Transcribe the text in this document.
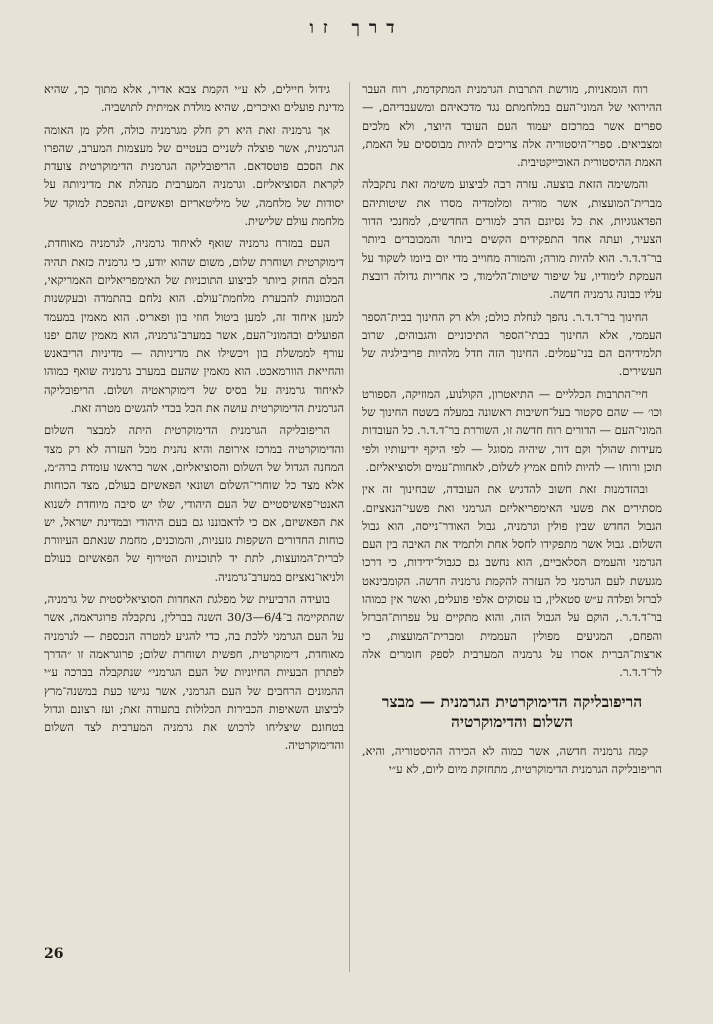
דרך זו

רוח הומאניות, מורשת התרבות הגרמנית המתקדמת, רוח העבר ההירואי של המוני־העם במלחמתם נגד מדכאיהם ומשעבדיהם, — ספרים אשר במרכזם יעמוד העם העובד היוצר, ולא מלכים ומצביאים. ספרי־היסטוריה אלה צריכים להיות מבוססים על האמת, האמת ההיסטורית האובייקטיבית.

והמשימה הזאת בוצעה. עזרה רבה לביצוע משימה זאת נתקבלה מברית־המועצות, אשר מוריה ומלומדיה מסרו את שיטותיהם הפדאגוגיות, את כל נסיונם הרב למורים החדשים, למחנכי הדור הצעיר, ועתה אחד התפקידים הקשים ביותר והמכובדים ביותר בר־ד.ד.ר. הוא להיות מורה; והמורה מחוייב מדי יום ביומו לשקוד על העמקת לימודיו, על שיפור שיטות־הלימוד, כי אחריות גדולה רובצת עליו כבונה גרמניה חדשה.

החינוך בר־ד.ד.ר. נהפך לנחלת כולם; ולא רק החינוך בבית־הספר העממי, אלא החינוך בבתי־הספר התיכוניים והגבוהים, שרוב תלמידיהם הם בני־עמלים. החינוך הזה חדל מלהיות פריבילגיה של העשירים.

חיי־התרבות הכלליים — התיאטרון, הקולנוע, המוזיקה, הספורט וכו׳ — שהם סקטור בעל־חשיבות ראשונה במעלה בשטח החינוך של המוני־העם — הדורים רוח חדשה זו, השוררת בר־ד.ד.ר. כל העובדות מעידות שהולך וקם דור, שיהיה מסוגל — לפי היקף ידיעותיו ולפי תוכן ורוחו — להיות לוחם אמיץ לשלום, לאחוות־עמים ולסוציאליזם.

ובהזדמנות זאת חשוב להדגיש את העובדה, שבחינוך זה אין מסתירים את פשעי האימפריאליזם הגרמני ואת פשעי־הנאציזם. הגבול החדש שבין פולין וגרמניה, גבול האודר־נייסה, הוא גבול השלום. גבול אשר מתפקידו לחסל אחת ולתמיד את האיבה בין העם הגרמני והעמים הסלאביים, הוא נחשב גם כגבול־ידידות, כי דרכו מגעשת לעם הגרמני כל העזרה להקמת גרמניה חדשה. הקומבינאט לברזל ופלדה ע״ש סטאלין, בו עסוקים אלפי פועלים, ואשר אין כמוהו בר־ד.ד.ר., הוקם על הגבול הזה, והוא מתקיים על עפרות־הברזל והפחם, המגיעים מפולין העממית ומברית־המועצות, כי ארצות־הברית אסרו על גרמניה המערבית לספק חומרים אלה לר־ד.ד.ר.

הריפובליקה הדימוקרטית הגרמנית — מבצר השלום והדימוקרטיה

קמה גרמניה חדשה, אשר כמוה לא הכירה ההיסטוריה, והיא, הריפובליקה הגרמנית הדימוקרטית, מתחזקת מיום ליום, לא ע״י

גידול חיילים, לא ע״י הקמת צבא אדיר, אלא מתוך כך, שהיא מדינת פועלים ואיכרים, שהיא מולדת אמיתית לתושביה.

אך גרמניה זאת היא רק חלק מגרמניה כולה, חלק מן האומה הגרמנית, אשר פוצלה לשניים בעטיים של מעצמות המערב, שהפרו את הסכם פוטסדאם. הריפובליקה הגרמנית הדימוקרטית צועדת לקראת הסוציאליזם. וגרמניה המערבית מנהלת את מדיניותה על יסודות של מלחמה, של מיליטאריזם ופאשיזם, ונהפכת למוקד של מלחמת עולם שלישית.

העם במזרח גרמניה שואף לאיחוד גרמניה, לגרמניה מאוחדת, דימוקרטית ושוחרת שלום, משום שהוא יודע, כי גרמניה כזאת תהיה הבלם החזק ביותר לביצוע התוכניות של האימפריאליזם האמריקאי, המכוונות להבערת מלחמת־עולם. הוא נלחם בהתמדה ובעקשנות למען איחוד זה, למען ביטול חוזי בון ופאריס. הוא מאמין במעמד הפועלים ובהמוני־העם, אשר במערב־גרמניה, הוא מאמין שהם יפנו עורף לממשלת בון ויכשילו את מדיניותה — מדיניות הריבאנש והחייאת הוורמאכט. הוא מאמין שהעם במערב גרמניה שואף כמוהו לאיחוד גרמניה על בסיס של דימוקראטיה ושלום. הריפובליקה הגרמנית הדימוקרטית עושה את הכל בכדי להגשים מטרה זאת.

הריפובליקה הגרמנית הדימוקרטית היתה למבצר השלום והדימוקרטיה במרכז אירופה והיא נהנית מכל העזרה לא רק מצד המחנה הגדול של השלום והסוציאליזם, אשר בראשו עומדת ברה״מ, אלא מצד כל שוחרי־השלום ושונאי הפאשיזם בעולם, מצד הכוחות האנטי־פאשיסטיים של העם היהודי, שלו יש סיבה מיוחדת לשנוא את הפאשיזם, אם כי לדאבוננו גם בעם היהודי ובמדינת ישראל, יש כוחות החדורים השקפות גזעניות, והמוכנים, מחמת שנאתם העיוורת לברית־המועצות, לתת יד לתוכניות הטירוף של הפאשיזם בעולם ולניאו־נאציזם במערב־גרמניה.

בועידה הרביעית של מפלגת האחדות הסוציאליסטית של גרמניה, שהתקיימה ב־6/4—30/3 השנה בברלין, נתקבלה פרוגראמה, אשר על העם הגרמני ללכת בה, כדי להגיע למטרה הנכספת — לגרמניה מאוחדת, דימוקרטית, חפשית ושוחרת שלום; פרוגראמה זו ״הדרך לפתרון הבעיות החיוניות של העם הגרמני״ שנתקבלה בברכה ע״י ההמונים הרחבים של העם הגרמני, אשר נגישו כעת במשנה־מרץ לביצוע השאיפות הכבירות הכלולות בתעודה זאת; ועז רצונם וגדול בטחונם שיצליחו לרכוש את גרמניה המערבית לצד השלום והדימוקרטיה.

26
